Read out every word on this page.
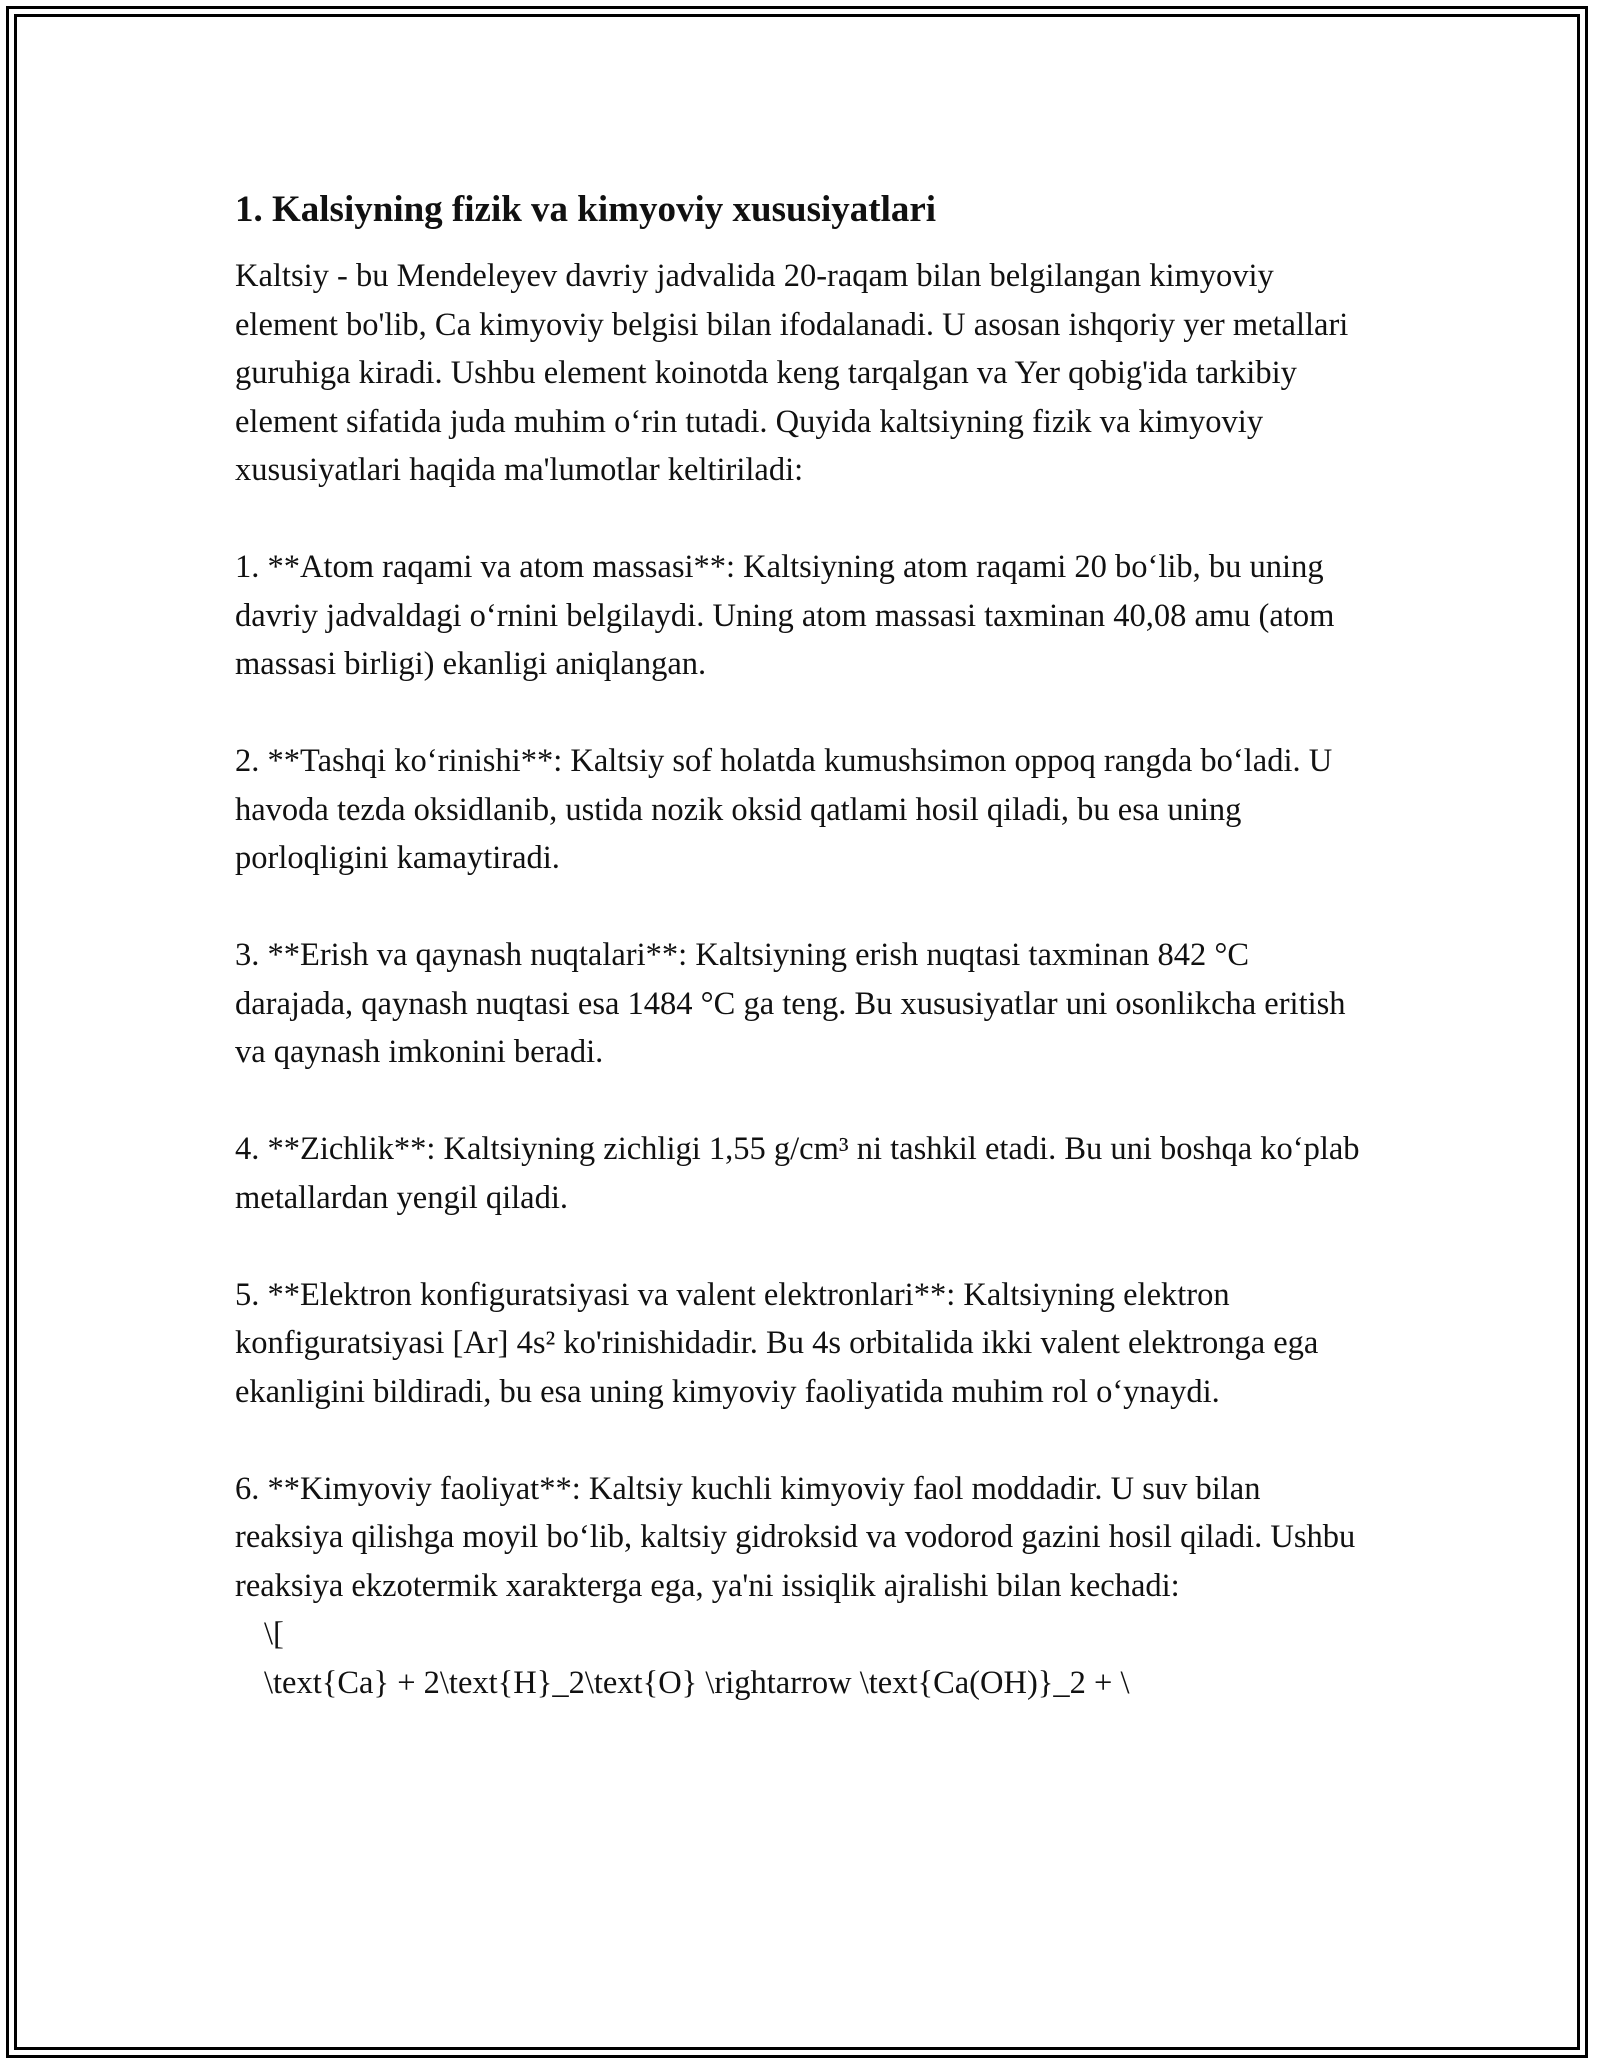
1. Kalsiyning fizik va kimyoviy xususiyatlari

Kaltsiy - bu Mendeleyev davriy jadvalida 20-raqam bilan belgilangan kimyoviy element bo'lib, Ca kimyoviy belgisi bilan ifodalanadi. U asosan ishqoriy yer metallari guruhiga kiradi. Ushbu element koinotda keng tarqalgan va Yer qobig'ida tarkibiy element sifatida juda muhim o‘rin tutadi. Quyida kaltsiyning fizik va kimyoviy xususiyatlari haqida ma'lumotlar keltiriladi:

1. **Atom raqami va atom massasi**: Kaltsiyning atom raqami 20 bo‘lib, bu uning davriy jadvaldagi o‘rnini belgilaydi. Uning atom massasi taxminan 40,08 amu (atom massasi birligi) ekanligi aniqlangan.

2. **Tashqi ko‘rinishi**: Kaltsiy sof holatda kumushsimon oppoq rangda bo‘ladi. U havoda tezda oksidlanib, ustida nozik oksid qatlami hosil qiladi, bu esa uning porloqligini kamaytiradi.

3. **Erish va qaynash nuqtalari**: Kaltsiyning erish nuqtasi taxminan 842 °C darajada, qaynash nuqtasi esa 1484 °C ga teng. Bu xususiyatlar uni osonlikcha eritish va qaynash imkonini beradi.

4. **Zichlik**: Kaltsiyning zichligi 1,55 g/cm³ ni tashkil etadi. Bu uni boshqa ko‘plab metallardan yengil qiladi.

5. **Elektron konfiguratsiyasi va valent elektronlari**: Kaltsiyning elektron konfiguratsiyasi [Ar] 4s² ko'rinishidadir. Bu 4s orbitalida ikki valent elektronga ega ekanligini bildiradi, bu esa uning kimyoviy faoliyatida muhim rol o‘ynaydi.

6. **Kimyoviy faoliyat**: Kaltsiy kuchli kimyoviy faol moddadir. U suv bilan reaksiya qilishga moyil bo‘lib, kaltsiy gidroksid va vodorod gazini hosil qiladi. Ushbu reaksiya ekzotermik xarakterga ega, ya'ni issiqlik ajralishi bilan kechadi:

\[
\text{Ca} + 2\text{H}_2\text{O} \rightarrow \text{Ca(OH)}_2 + \
